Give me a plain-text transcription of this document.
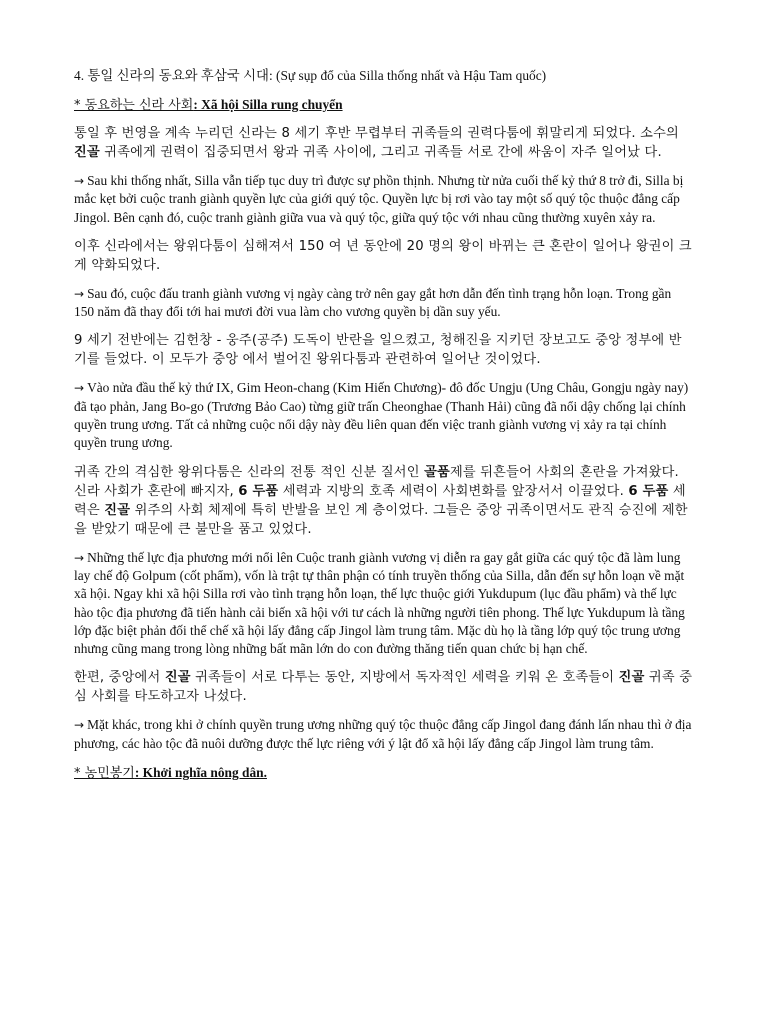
4. 통일 신라의 동요와 후삼국 시대: (Sự sụp đổ của Silla thống nhất và Hậu Tam quốc)
* 동요하는 신라 사회: Xã hội Silla rung chuyển

통일 후 번영을 계속 누리던 신라는 8 세기 후반 무렵부터 귀족들의 권력다툼에 휘말리게 되었다. 소수의 진골 귀족에게 권력이 집중되면서 왕과 귀족 사이에, 그리고 귀족들 서로 간에 싸움이 자주 일어났 다.

→ Sau khi thống nhất, Silla vẫn tiếp tục duy trì được sự phồn thịnh. Nhưng từ nửa cuối thế kỷ thứ 8 trở đi, Silla bị mắc kẹt bởi cuộc tranh giành quyền lực của giới quý tộc. Quyền lực bị rơi vào tay một số quý tộc thuộc đẳng cấp Jingol. Bên cạnh đó, cuộc tranh giành giữa vua và quý tộc, giữa quý tộc với nhau cũng thường xuyên xảy ra.

이후 신라에서는 왕위다툼이 심해져서 150 여 년 동안에 20 명의 왕이 바뀌는 큰 혼란이 일어나 왕권이 크게 약화되었다.

→ Sau đó, cuộc đấu tranh giành vương vị ngày càng trở nên gay gắt hơn dẫn đến tình trạng hỗn loạn. Trong gần 150 năm đã thay đổi tới hai mươi đời vua làm cho vương quyền bị dần suy yếu.

9 세기 전반에는 김헌창 - 웅주(공주) 도독이 반란을 일으켰고, 청해진을 지키던 장보고도 중앙 정부에 반기를 들었다. 이 모두가 중앙 에서 벌어진 왕위다툼과 관련하여 일어난 것이었다.

→ Vào nửa đầu thế kỷ thứ IX, Gim Heon-chang (Kim Hiến Chương)- đô đốc Ungju (Ung Châu, Gongju ngày nay) đã tạo phản, Jang Bo-go (Trương Bảo Cao) từng giữ trấn Cheonghae (Thanh Hải) cũng đã nổi dậy chống lại chính quyền trung ương. Tất cả những cuộc nổi dậy này đều liên quan đến việc tranh giành vương vị xảy ra tại chính quyền trung ương.

귀족 간의 격심한 왕위다툼은 신라의 전통 적인 신분 질서인 골품제를 뒤흔들어 사회의 혼란을 가져왔다. 신라 사회가 혼란에 빠지자, 6 두품 세력과 지방의 호족 세력이 사회변화를 앞장서서 이끌었다. 6 두품 세력은 진골 위주의 사회 체제에 특히 반발을 보인 계 층이었다. 그들은 중앙 귀족이면서도 관직 승진에 제한을 받았기 때문에 큰 불만을 품고 있었다.

→ Những thế lực địa phương mới nổi lên Cuộc tranh giành vương vị diễn ra gay gắt giữa các quý tộc đã làm lung lay chế độ Golpum (cốt phẩm), vốn là trật tự thân phận có tính truyền thống của Silla, dẫn đến sự hỗn loạn về mặt xã hội. Ngay khi xã hội Silla rơi vào tình trạng hỗn loạn, thế lực thuộc giới Yukdupum (lục đầu phẩm) và thế lực hào tộc địa phương đã tiến hành cải biến xã hội với tư cách là những người tiên phong. Thế lực Yukdupum là tầng lớp đặc biệt phản đối thể chế xã hội lấy đẳng cấp Jingol làm trung tâm. Mặc dù họ là tầng lớp quý tộc trung ương nhưng cũng mang trong lòng những bất mãn lớn do con đường thăng tiến quan chức bị hạn chế.

한편, 중앙에서 진골 귀족들이 서로 다투는 동안, 지방에서 독자적인 세력을 키워 온 호족들이 진골 귀족 중심 사회를 타도하고자 나섰다.

→ Mặt khác, trong khi ở chính quyền trung ương những quý tộc thuộc đẳng cấp Jingol đang đánh lấn nhau thì ở địa phương, các hào tộc đã nuôi dưỡng được thế lực riêng với ý lật đổ xã hội lấy đẳng cấp Jingol làm trung tâm.

* 농민봉기: Khởi nghĩa nông dân.
